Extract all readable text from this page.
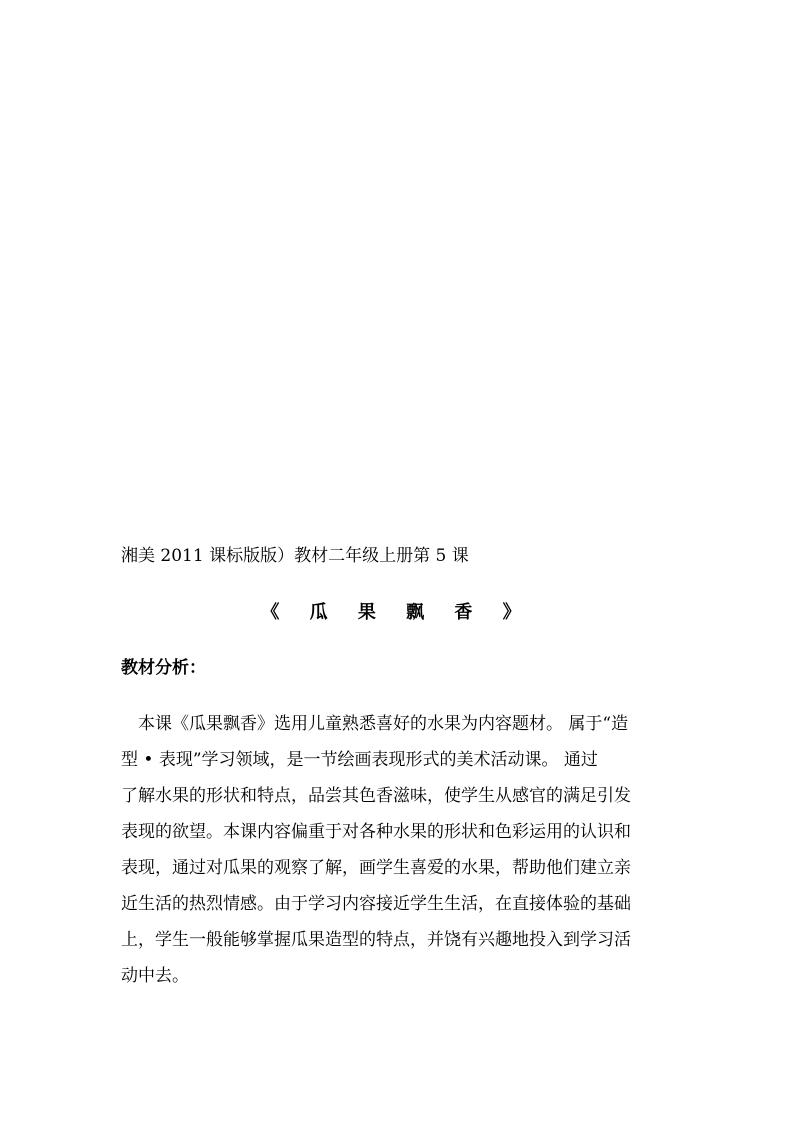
湘美 2011 课标版版）教材二年级上册第 5 课
《 瓜 果 飘 香 》
教材分析：
本课《瓜果飘香》选用儿童熟悉喜好的水果为内容题材。 属于“造
型 • 表现”学习领域，是一节绘画表现形式的美术活动课。 通过
了解水果的形状和特点，品尝其色香滋味，使学生从感官的满足引发
表现的欲望。本课内容偏重于对各种水果的形状和色彩运用的认识和
表现，通过对瓜果的观察了解，画学生喜爱的水果，帮助他们建立亲
近生活的热烈情感。由于学习内容接近学生生活，在直接体验的基础
上，学生一般能够掌握瓜果造型的特点，并饶有兴趣地投入到学习活
动中去。
